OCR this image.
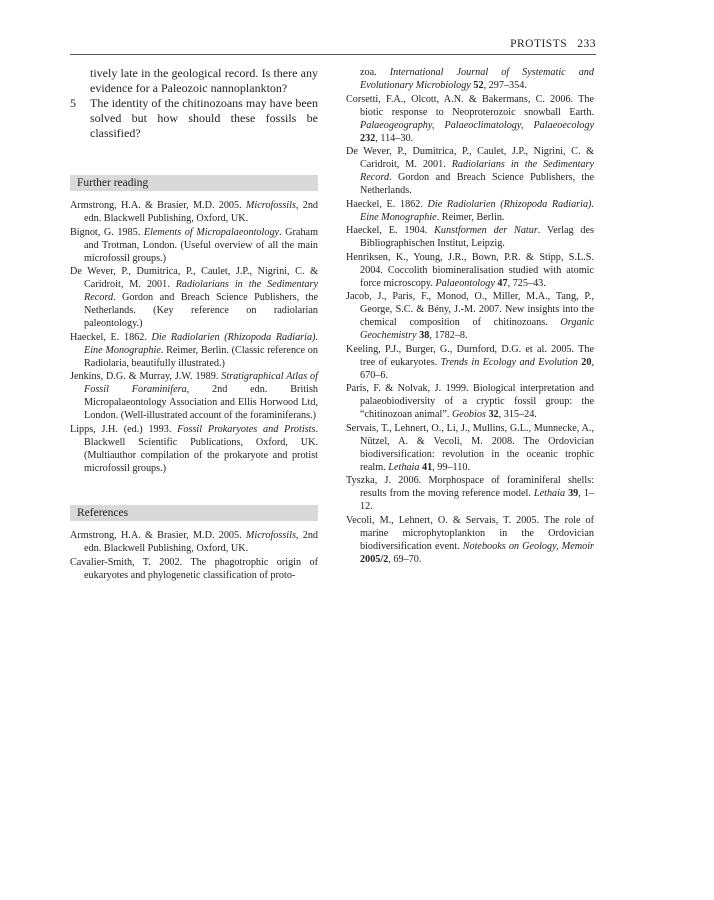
PROTISTS 233
tively late in the geological record. Is there any evidence for a Paleozoic nannoplankton?
5 The identity of the chitinozoans may have been solved but how should these fossils be classified?
Further reading
Armstrong, H.A. & Brasier, M.D. 2005. Microfossils, 2nd edn. Blackwell Publishing, Oxford, UK.
Bignot, G. 1985. Elements of Micropalaeontology. Graham and Trotman, London. (Useful overview of all the main microfossil groups.)
De Wever, P., Dumitrica, P., Caulet, J.P., Nigrini, C. & Caridroit, M. 2001. Radiolarians in the Sedimentary Record. Gordon and Breach Science Publishers, the Netherlands. (Key reference on radiolarian paleontology.)
Haeckel, E. 1862. Die Radiolarien (Rhizopoda Radiaria). Eine Monographie. Reimer, Berlin. (Classic reference on Radiolaria, beautifully illustrated.)
Jenkins, D.G. & Murray, J.W. 1989. Stratigraphical Atlas of Fossil Foraminifera, 2nd edn. British Micropalaeontology Association and Ellis Horwood Ltd, London. (Well-illustrated account of the foraminiferans.)
Lipps, J.H. (ed.) 1993. Fossil Prokaryotes and Protists. Blackwell Scientific Publications, Oxford, UK. (Multiauthor compilation of the prokaryote and protist microfossil groups.)
References
Armstrong, H.A. & Brasier, M.D. 2005. Microfossils, 2nd edn. Blackwell Publishing, Oxford, UK.
Cavalier-Smith, T. 2002. The phagotrophic origin of eukaryotes and phylogenetic classification of proto-
zoa. International Journal of Systematic and Evolutionary Microbiology 52, 297–354.
Corsetti, F.A., Olcott, A.N. & Bakermans, C. 2006. The biotic response to Neoproterozoic snowball Earth. Palaeogeography, Palaeoclimatology, Palaeoecology 232, 114–30.
De Wever, P., Dumitrica, P., Caulet, J.P., Nigrini, C. & Caridroit, M. 2001. Radiolarians in the Sedimentary Record. Gordon and Breach Science Publishers, the Netherlands.
Haeckel, E. 1862. Die Radiolarien (Rhizopoda Radiaria). Eine Monographie. Reimer, Berlin.
Haeckel, E. 1904. Kunstformen der Natur. Verlag des Bibliographischen Institut, Leipzig.
Henriksen, K., Young, J.R., Bown, P.R. & Stipp, S.L.S. 2004. Coccolith biomineralisation studied with atomic force microscopy. Palaeontology 47, 725–43.
Jacob, J., Paris, F., Monod, O., Miller, M.A., Tang, P., George, S.C. & Bény, J.-M. 2007. New insights into the chemical composition of chitinozoans. Organic Geochemistry 38, 1782–8.
Keeling, P.J., Burger, G., Durnford, D.G. et al. 2005. The tree of eukaryotes. Trends in Ecology and Evolution 20, 670–6.
Paris, F. & Nolvak, J. 1999. Biological interpretation and palaeobiodiversity of a cryptic fossil group: the “chitinozoan animal”. Geobios 32, 315–24.
Servais, T., Lehnert, O., Li, J., Mullins, G.L., Munnecke, A., Nützel, A. & Vecoli, M. 2008. The Ordovician biodiversification: revolution in the oceanic trophic realm. Lethaia 41, 99–110.
Tyszka, J. 2006. Morphospace of foraminiferal shells: results from the moving reference model. Lethaia 39, 1–12.
Vecoli, M., Lehnert, O. & Servais, T. 2005. The role of marine microphytoplankton in the Ordovician biodiversification event. Notebooks on Geology, Memoir 2005/2, 69–70.
